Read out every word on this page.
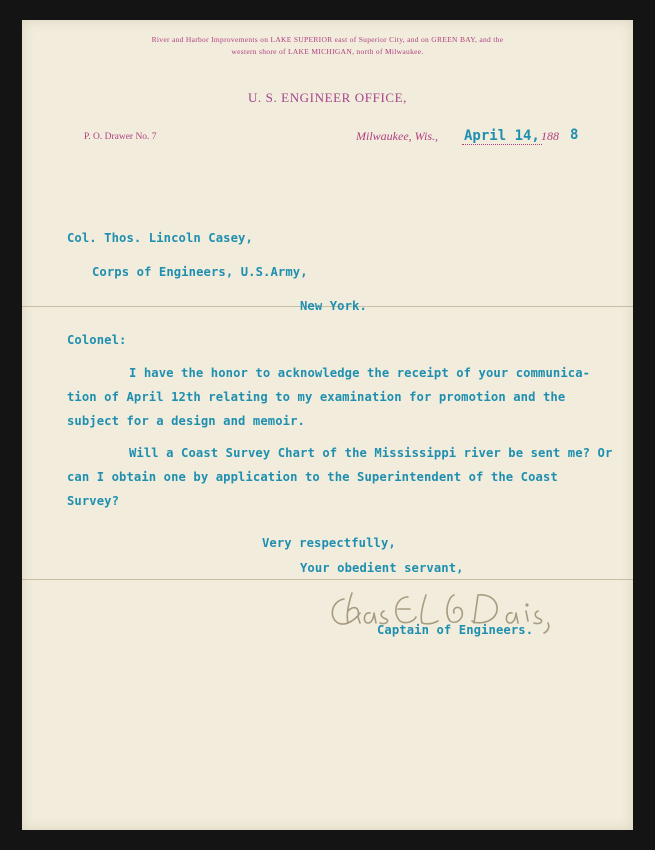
River and Harbor Improvements on LAKE SUPERIOR east of Superior City, and on GREEN BAY, and the
western shore of LAKE MICHIGAN, north of Milwaukee.
U. S. ENGINEER OFFICE,
P. O. Drawer No. 7	Milwaukee, Wis., April 14, 188 8
Col. Thos. Lincoln Casey,
Corps of Engineers, U.S.Army,
New York.
Colonel:
I have the honor to acknowledge the receipt of your communica-
tion of April 12th relating to my examination for promotion and the
subject for a design and memoir.
Will a Coast Survey Chart of the Mississippi river be sent me? Or
can I obtain one by application to the Superintendent of the Coast
Survey?
Very respectfully,
Your obedient servant,
Captain of Engineers.
